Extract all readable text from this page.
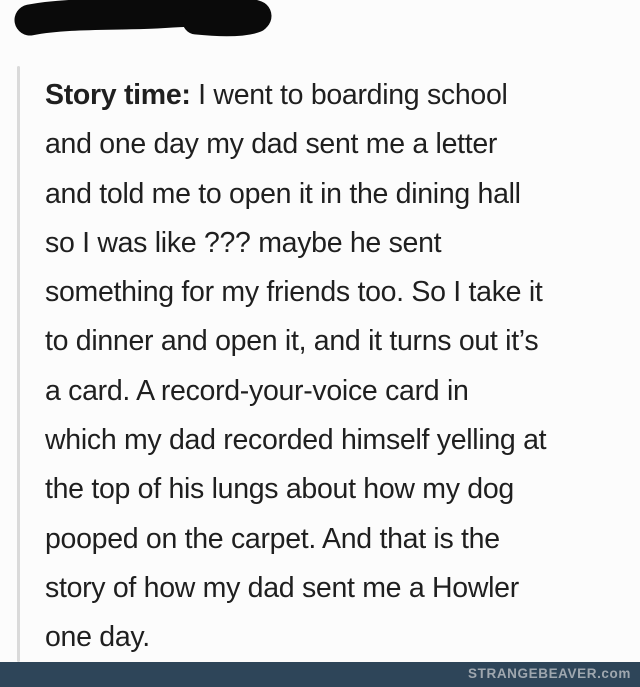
Story time: I went to boarding school
and one day my dad sent me a letter
and told me to open it in the dining hall
so I was like ??? maybe he sent
something for my friends too. So I take it
to dinner and open it, and it turns out it’s
a card. A record-your-voice card in
which my dad recorded himself yelling at
the top of his lungs about how my dog
pooped on the carpet. And that is the
story of how my dad sent me a Howler
one day.
STRANGEBEAVER.com
